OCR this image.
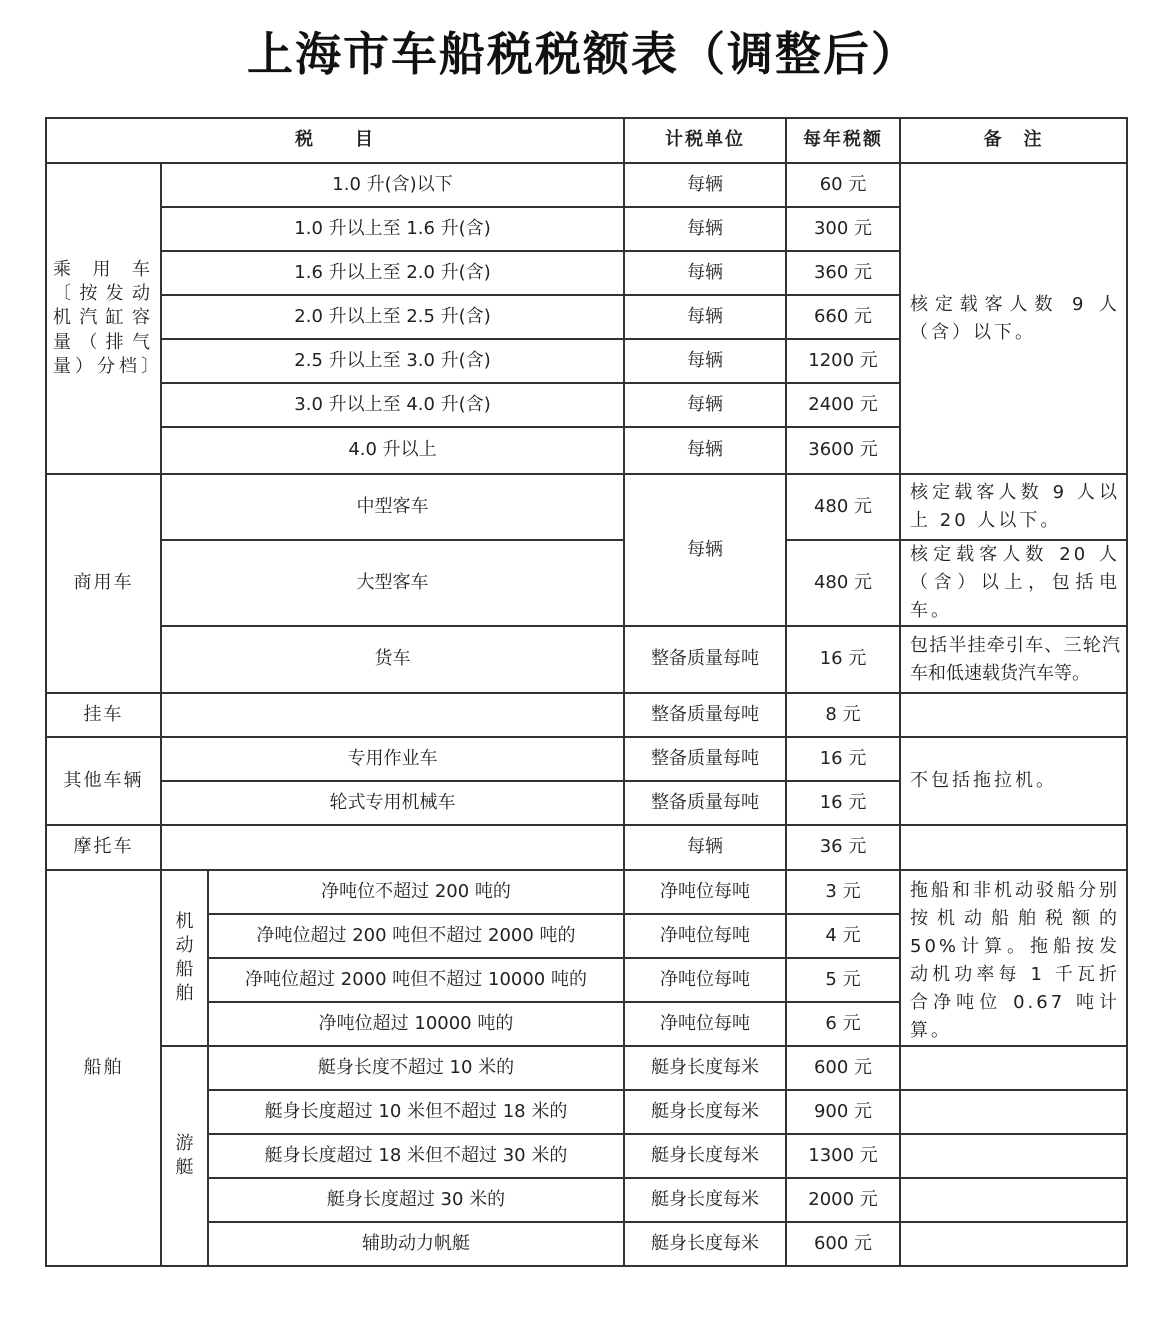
上海市车船税税额表（调整后）
税　　目			计税单位	每年税额	备　注
乘用车〔按发动机汽缸容量（排气量）分档〕	1.0 升(含)以下		每辆	60 元	核定载客人数 9 人（含）以下。
	1.0 升以上至 1.6 升(含)		每辆	300 元	
	1.6 升以上至 2.0 升(含)		每辆	360 元	
	2.0 升以上至 2.5 升(含)		每辆	660 元	
	2.5 升以上至 3.0 升(含)		每辆	1200 元	
	3.0 升以上至 4.0 升(含)		每辆	2400 元	
	4.0 升以上		每辆	3600 元	
商用车	中型客车		每辆	480 元	核定载客人数 9 人以上 20 人以下。
	大型客车			480 元	核定载客人数 20 人（含）以上，包括电车。
	货车		整备质量每吨	16 元	包括半挂牵引车、三轮汽车和低速载货汽车等。
挂车			整备质量每吨	8 元	
其他车辆	专用作业车		整备质量每吨	16 元	不包括拖拉机。
	轮式专用机械车		整备质量每吨	16 元	
摩托车			每辆	36 元	
船舶	机动船舶	净吨位不超过 200 吨的	净吨位每吨	3 元	拖船和非机动驳船分别按机动船舶税额的50%计算。拖船按发动机功率每 1 千瓦折合净吨位 0.67 吨计算。
		净吨位超过 200 吨但不超过 2000 吨的	净吨位每吨	4 元	
		净吨位超过 2000 吨但不超过 10000 吨的	净吨位每吨	5 元	
		净吨位超过 10000 吨的	净吨位每吨	6 元	

	游艇	艇身长度不超过 10 米的	艇身长度每米	600 元	
		艇身长度超过 10 米但不超过 18 米的	艇身长度每米	900 元	
		艇身长度超过 18 米但不超过 30 米的	艇身长度每米	1300 元	
		艇身长度超过 30 米的	艇身长度每米	2000 元	
		辅助动力帆艇	艇身长度每米	600 元	
